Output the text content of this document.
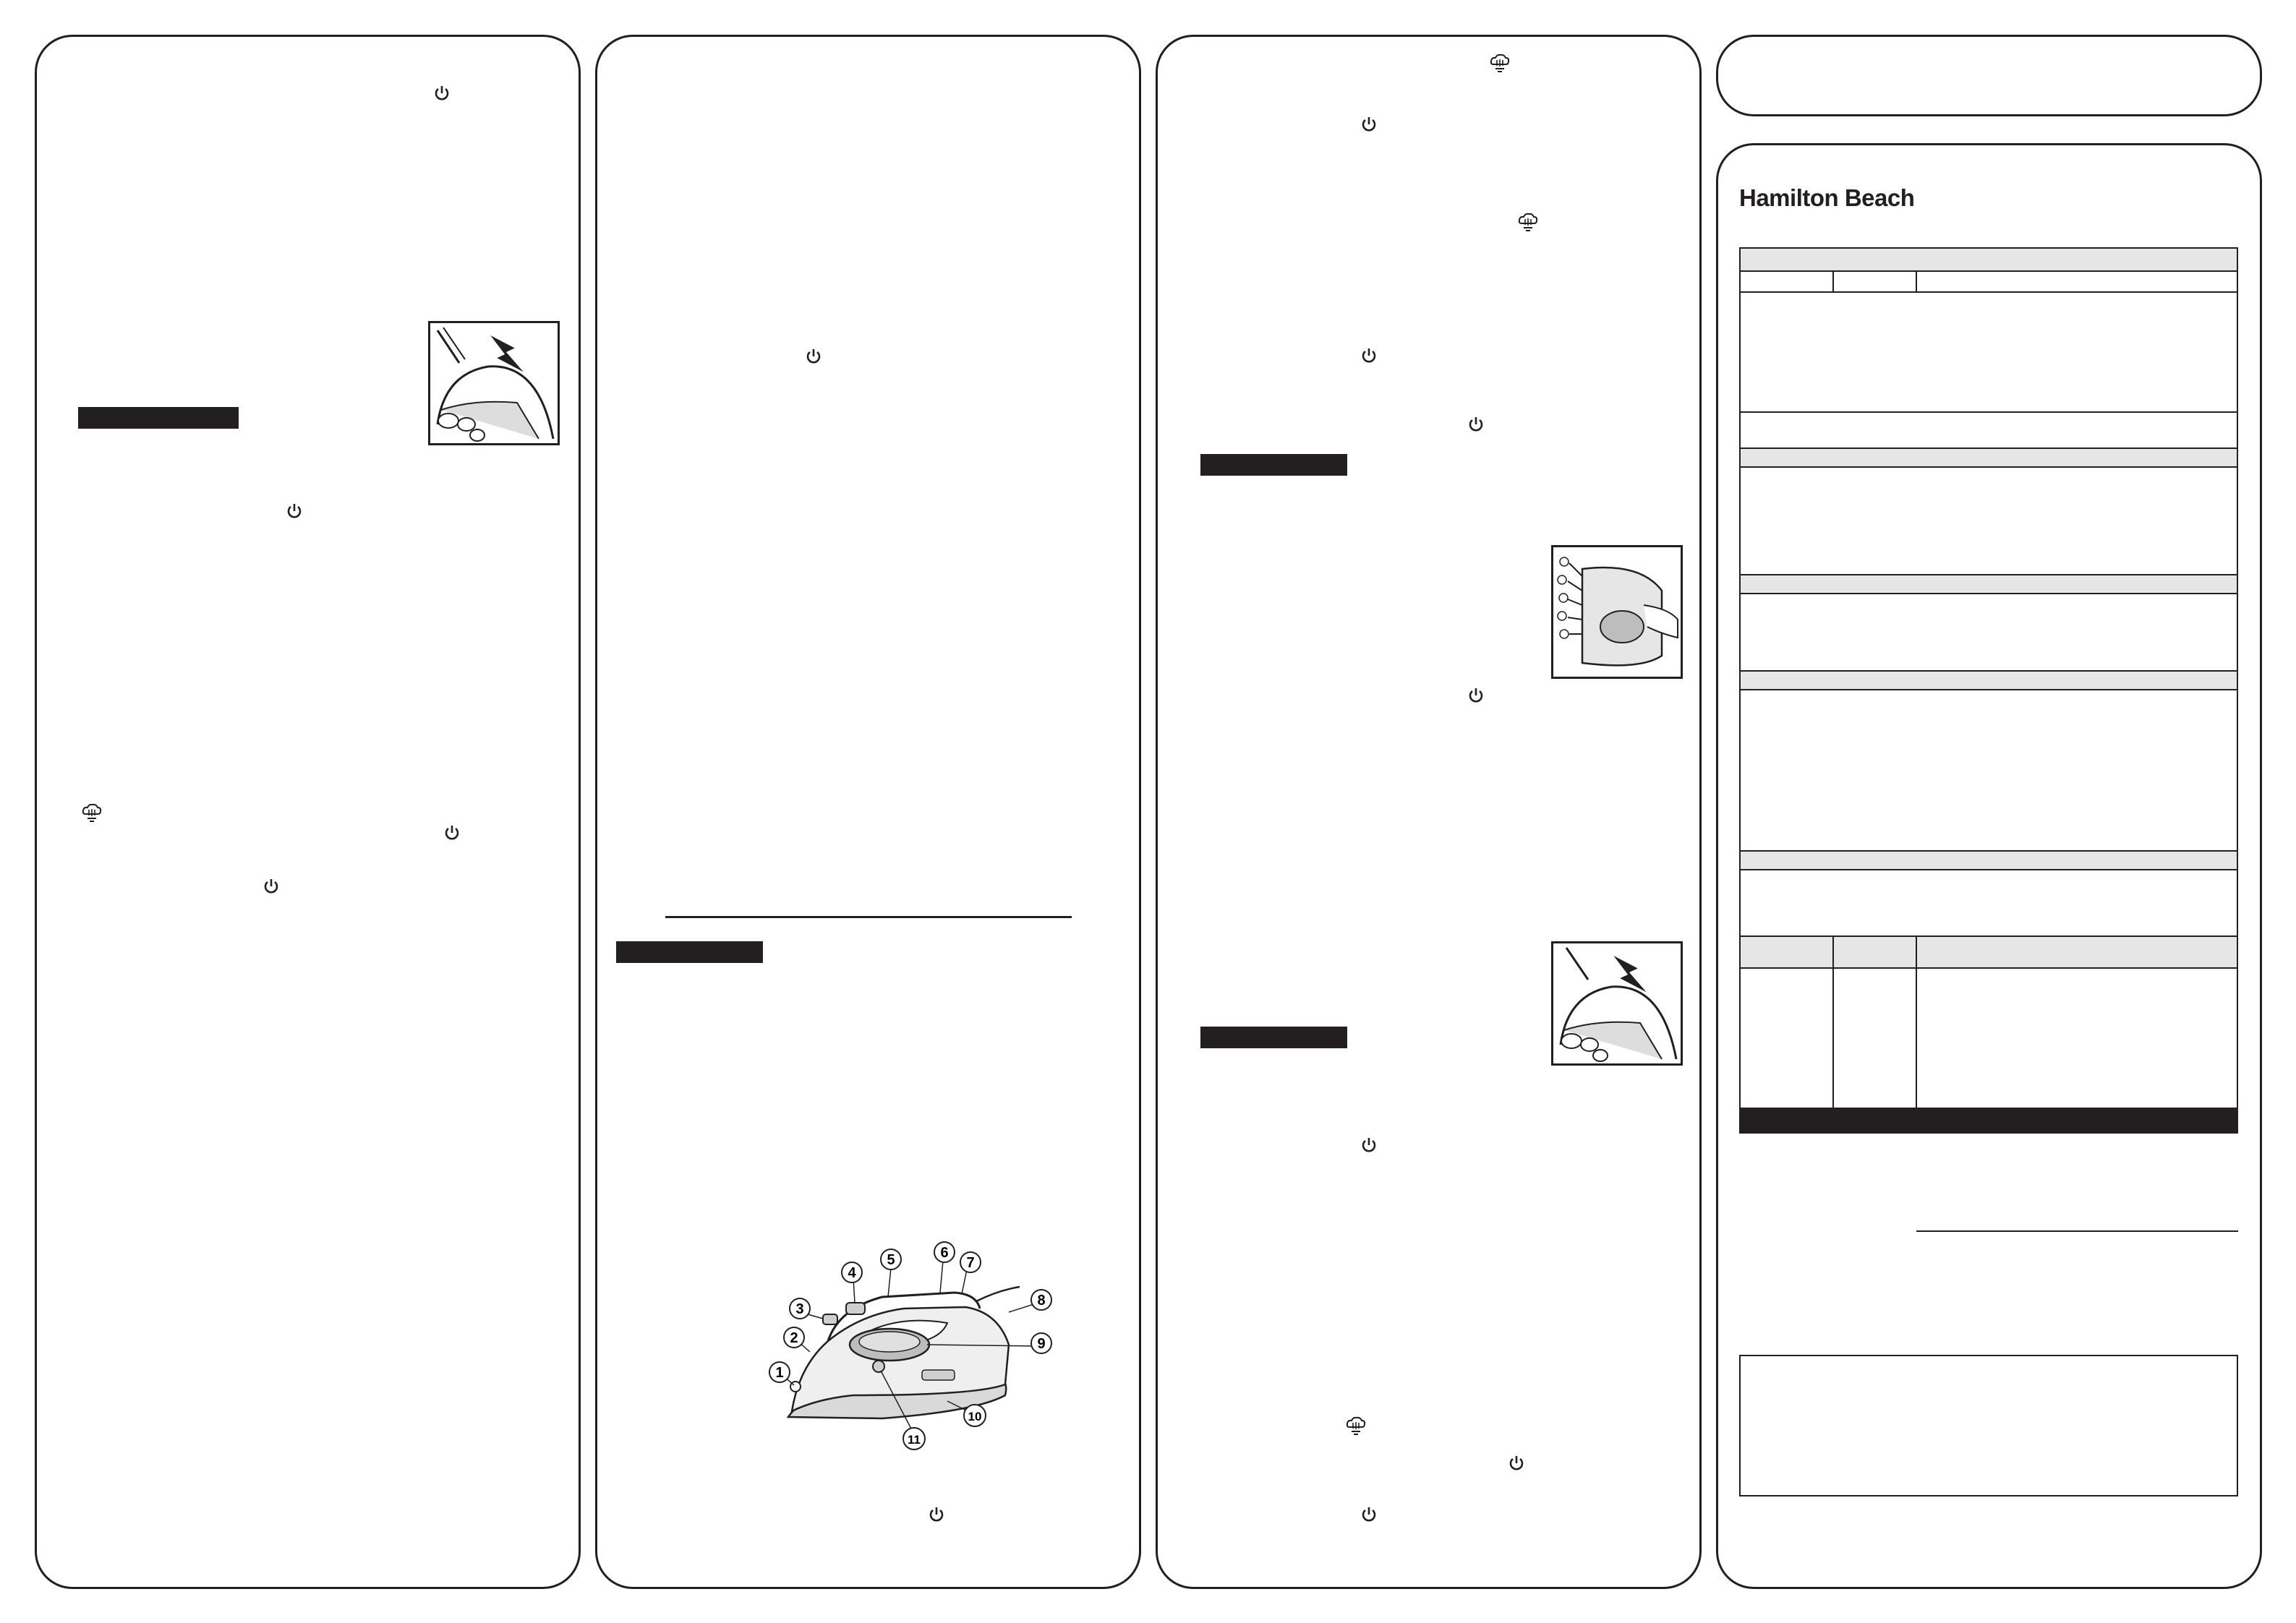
1
2
3
4
5	6
7
8
9
10
11
Hamilton Beach
